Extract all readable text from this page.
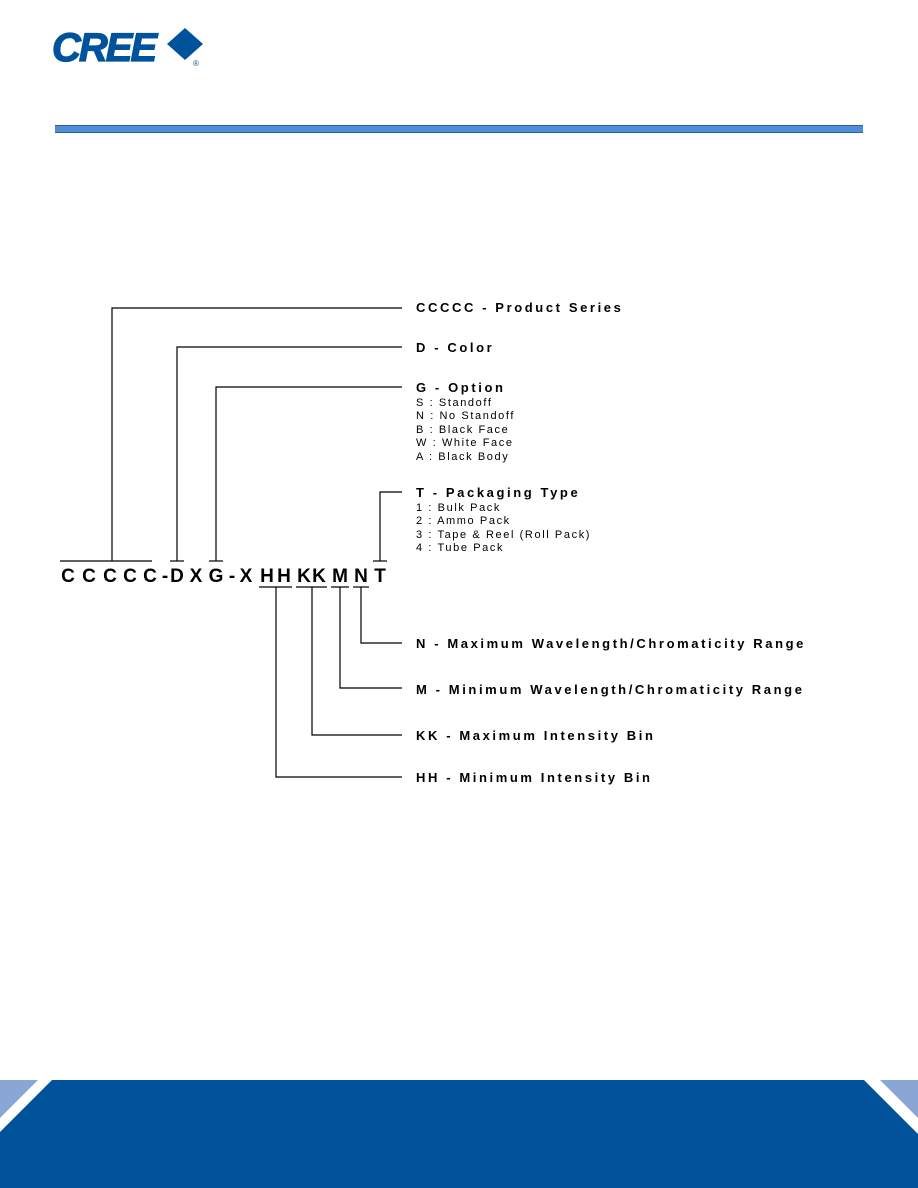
CREE	®
C C C C C - D X G - X H H K K M N T
CCCCC - Product Series
D - Color
G - Option
S : Standoff
N : No Standoff
B : Black Face
W : White Face
A : Black Body
T - Packaging Type
1 : Bulk Pack
2 : Ammo Pack
3 : Tape & Reel (Roll Pack)
4 : Tube Pack
N - Maximum Wavelength/Chromaticity Range
M - Minimum Wavelength/Chromaticity Range
KK - Maximum Intensity Bin
HH - Minimum Intensity Bin
